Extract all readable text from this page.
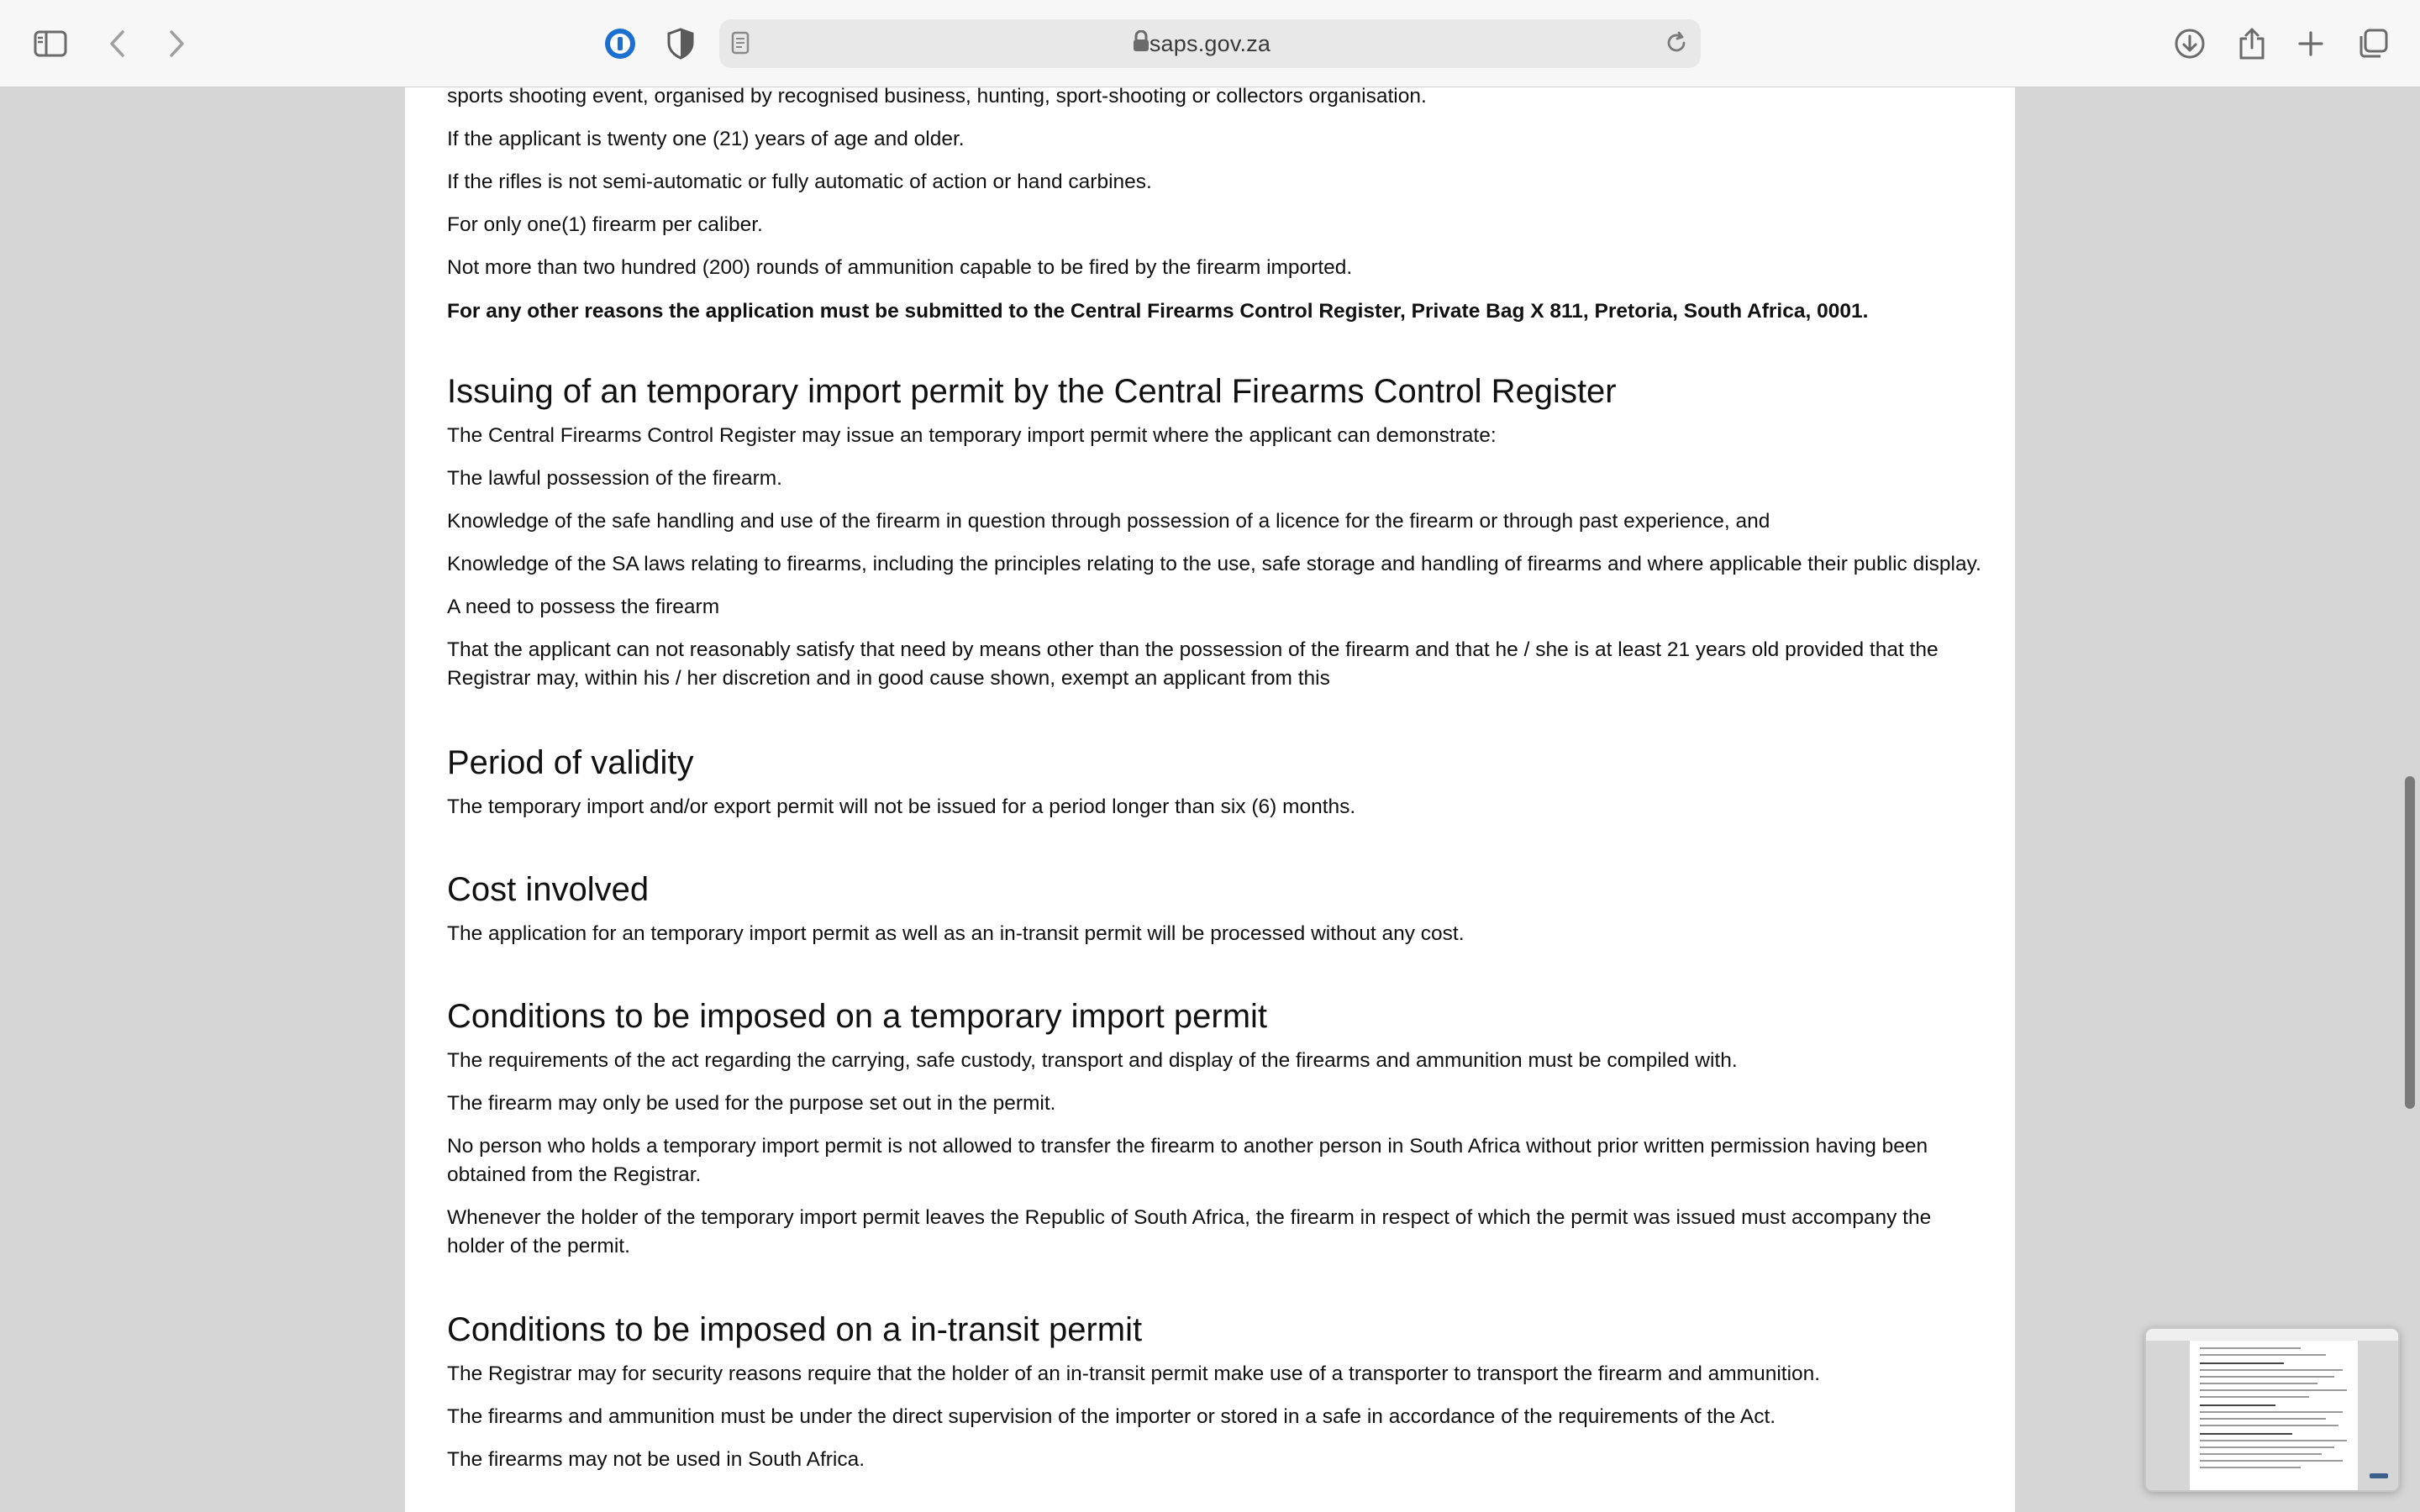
saps.gov.za
sports shooting event, organised by recognised business, hunting, sport-shooting or collectors organisation.
If the applicant is twenty one (21) years of age and older.
If the rifles is not semi-automatic or fully automatic of action or hand carbines.
For only one(1) firearm per caliber.
Not more than two hundred (200) rounds of ammunition capable to be fired by the firearm imported.
For any other reasons the application must be submitted to the Central Firearms Control Register, Private Bag X 811, Pretoria, South Africa, 0001.
Issuing of an temporary import permit by the Central Firearms Control Register
The Central Firearms Control Register may issue an temporary import permit where the applicant can demonstrate:
The lawful possession of the firearm.
Knowledge of the safe handling and use of the firearm in question through possession of a licence for the firearm or through past experience, and
Knowledge of the SA laws relating to firearms, including the principles relating to the use, safe storage and handling of firearms and where applicable their public display.
A need to possess the firearm
That the applicant can not reasonably satisfy that need by means other than the possession of the firearm and that he / she is at least 21 years old provided that the Registrar may, within his / her discretion and in good cause shown, exempt an applicant from this
Period of validity
The temporary import and/or export permit will not be issued for a period longer than six (6) months.
Cost involved
The application for an temporary import permit as well as an in-transit permit will be processed without any cost.
Conditions to be imposed on a temporary import permit
The requirements of the act regarding the carrying, safe custody, transport and display of the firearms and ammunition must be compiled with.
The firearm may only be used for the purpose set out in the permit.
No person who holds a temporary import permit is not allowed to transfer the firearm to another person in South Africa without prior written permission having been obtained from the Registrar.
Whenever the holder of the temporary import permit leaves the Republic of South Africa, the firearm in respect of which the permit was issued must accompany the holder of the permit.
Conditions to be imposed on a in-transit permit
The Registrar may for security reasons require that the holder of an in-transit permit make use of a transporter to transport the firearm and ammunition.
The firearms and ammunition must be under the direct supervision of the importer or stored in a safe in accordance of the requirements of the Act.
The firearms may not be used in South Africa.
